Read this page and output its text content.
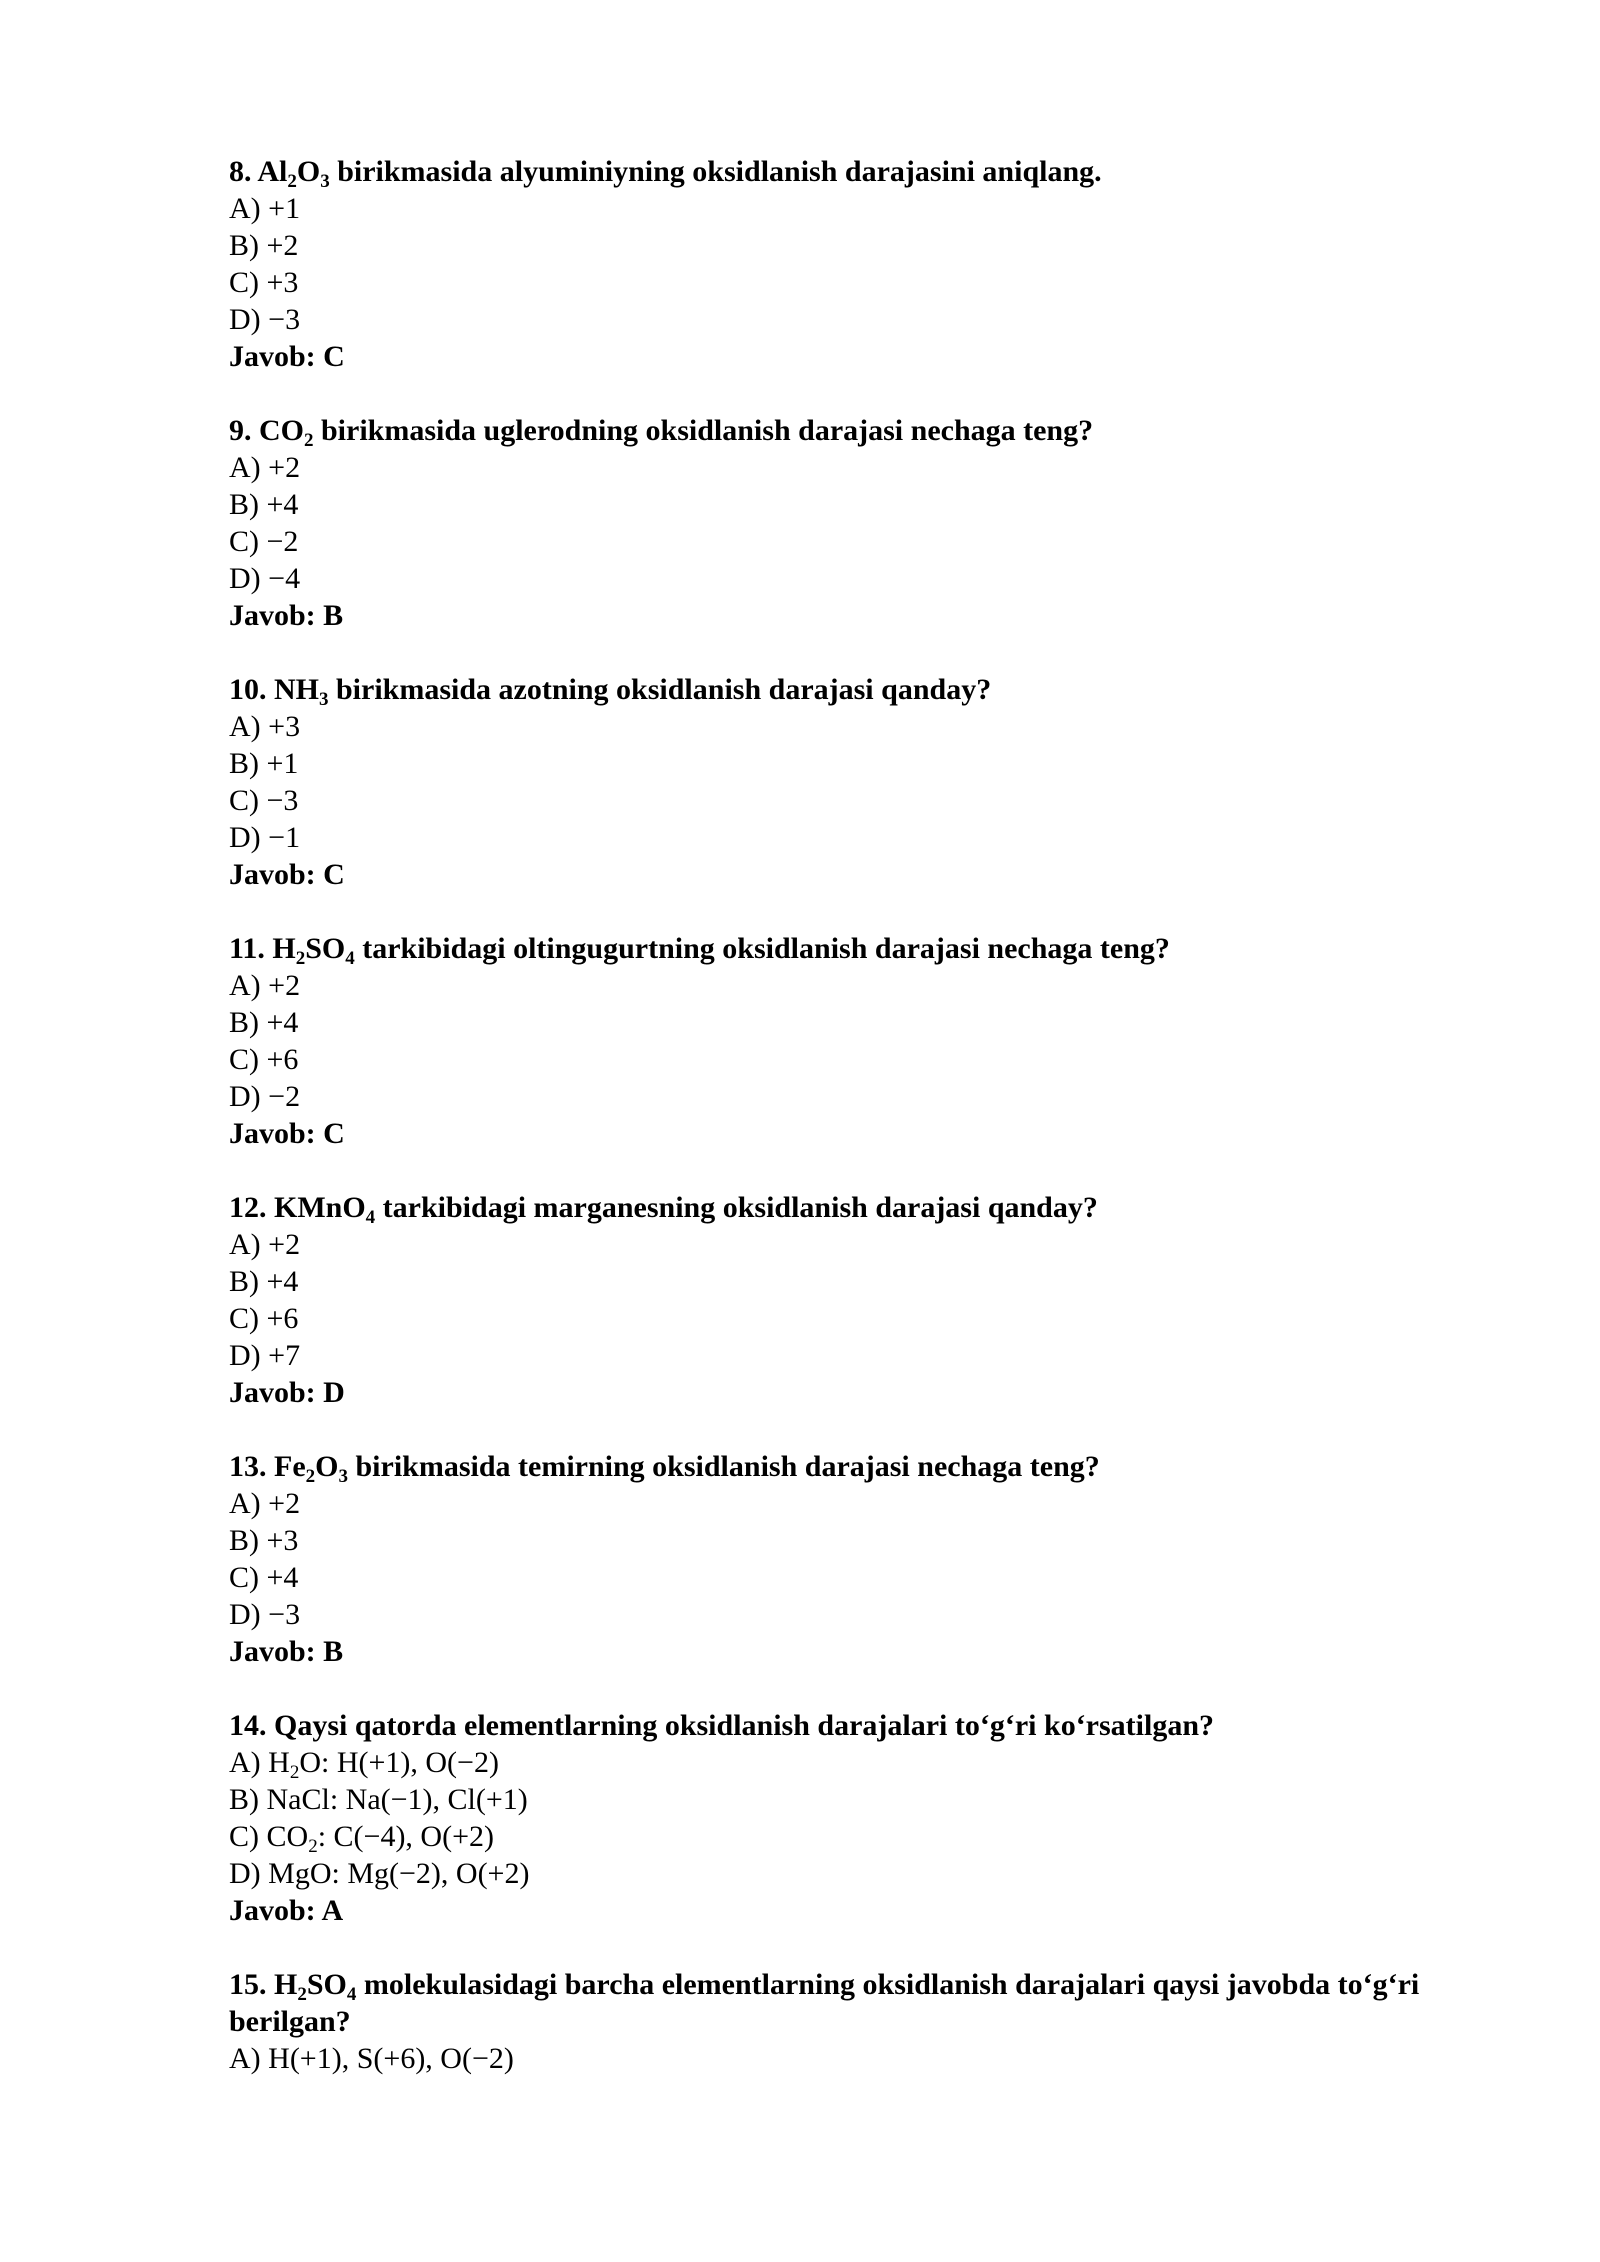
8. $Al_2O_3$ birikmasida alyuminiyning oksidlanish darajasini aniqlang.
A) +1
B) +2
C) +3
D) −3
Javob: C
9. $CO_2$ birikmasida uglerodning oksidlanish darajasi nechaga teng?
A) +2
B) +4
C) −2
D) −4
Javob: B
10. $NH_3$ birikmasida azotning oksidlanish darajasi qanday?
A) +3
B) +1
C) −3
D) −1
Javob: C
11. $H_2SO_4$ tarkibidagi oltingugurtning oksidlanish darajasi nechaga teng?
A) +2
B) +4
C) +6
D) −2
Javob: C
12. KMnO$_4$ tarkibidagi marganesning oksidlanish darajasi qanday?
A) +2
B) +4
C) +6
D) +7
Javob: D
13. $Fe_2O_3$ birikmasida temirning oksidlanish darajasi nechaga teng?
A) +2
B) +3
C) +4
D) −3
Javob: B
14. Qaysi qatorda elementlarning oksidlanish darajalari to‘g‘ri ko‘rsatilgan?
A) $H_2O$: H(+1), O(−2)
B) NaCl: Na(−1), Cl(+1)
C) $CO_2$: C(−4), O(+2)
D) MgO: Mg(−2), O(+2)
Javob: A
15. $H_2SO_4$ molekulasidagi barcha elementlarning oksidlanish darajalari qaysi javobda to‘g‘ri berilgan?
A) H(+1), S(+6), O(−2)
